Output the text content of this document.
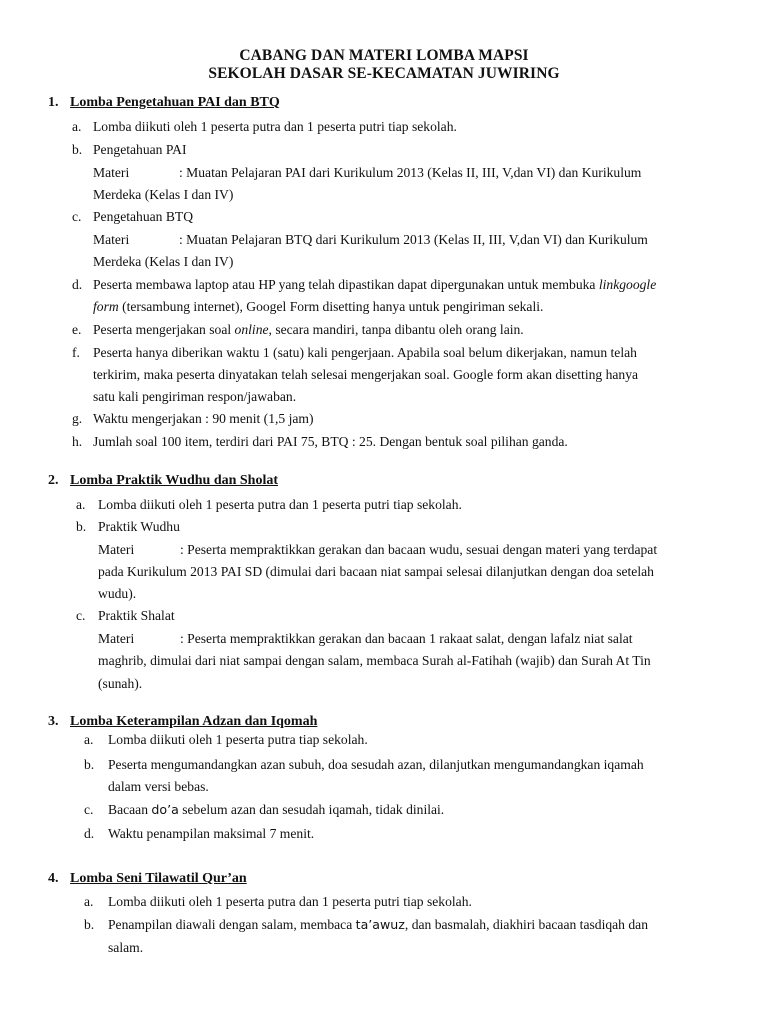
CABANG DAN MATERI LOMBA MAPSI
SEKOLAH DASAR SE-KECAMATAN JUWIRING
1. Lomba Pengetahuan PAI dan BTQ
a. Lomba diikuti oleh 1 peserta putra dan 1 peserta putri tiap sekolah.
b. Pengetahuan PAI
Materi	: Muatan Pelajaran PAI dari Kurikulum 2013 (Kelas II, III, V,dan VI) dan Kurikulum
Merdeka (Kelas I dan IV)
c. Pengetahuan BTQ
Materi	: Muatan Pelajaran BTQ dari Kurikulum 2013 (Kelas II, III, V,dan VI) dan Kurikulum
Merdeka (Kelas I dan IV)
d. Peserta membawa laptop atau HP yang telah dipastikan dapat dipergunakan untuk membuka linkgoogle
form (tersambung internet), Googel Form disetting hanya untuk pengiriman sekali.
e. Peserta mengerjakan soal online, secara mandiri, tanpa dibantu oleh orang lain.
f. Peserta hanya diberikan waktu 1 (satu) kali pengerjaan. Apabila soal belum dikerjakan, namun telah
terkirim, maka peserta dinyatakan telah selesai mengerjakan soal. Google form akan disetting hanya
satu kali pengiriman respon/jawaban.
g. Waktu mengerjakan : 90 menit (1,5 jam)
h. Jumlah soal 100 item, terdiri dari PAI 75, BTQ : 25. Dengan bentuk soal pilihan ganda.
2. Lomba Praktik Wudhu dan Sholat
a. Lomba diikuti oleh 1 peserta putra dan 1 peserta putri tiap sekolah.
b. Praktik Wudhu
Materi	: Peserta mempraktikkan gerakan dan bacaan wudu, sesuai dengan materi yang terdapat
pada Kurikulum 2013 PAI SD (dimulai dari bacaan niat sampai selesai dilanjutkan dengan doa setelah
wudu).
c. Praktik Shalat
Materi	: Peserta mempraktikkan gerakan dan bacaan 1 rakaat salat, dengan lafalz niat salat
maghrib, dimulai dari niat sampai dengan salam, membaca Surah al-Fatihah (wajib) dan Surah At Tin
(sunah).
3. Lomba Keterampilan Adzan dan Iqomah
a. Lomba diikuti oleh 1 peserta putra tiap sekolah.
b. Peserta mengumandangkan azan subuh, doa sesudah azan, dilanjutkan mengumandangkan iqamah
dalam versi bebas.
c. Bacaan do’a sebelum azan dan sesudah iqamah, tidak dinilai.
d. Waktu penampilan maksimal 7 menit.
4. Lomba Seni Tilawatil Qur’an
a. Lomba diikuti oleh 1 peserta putra dan 1 peserta putri tiap sekolah.
b. Penampilan diawali dengan salam, membaca ta’awuz, dan basmalah, diakhiri bacaan tasdiqah dan
salam.
